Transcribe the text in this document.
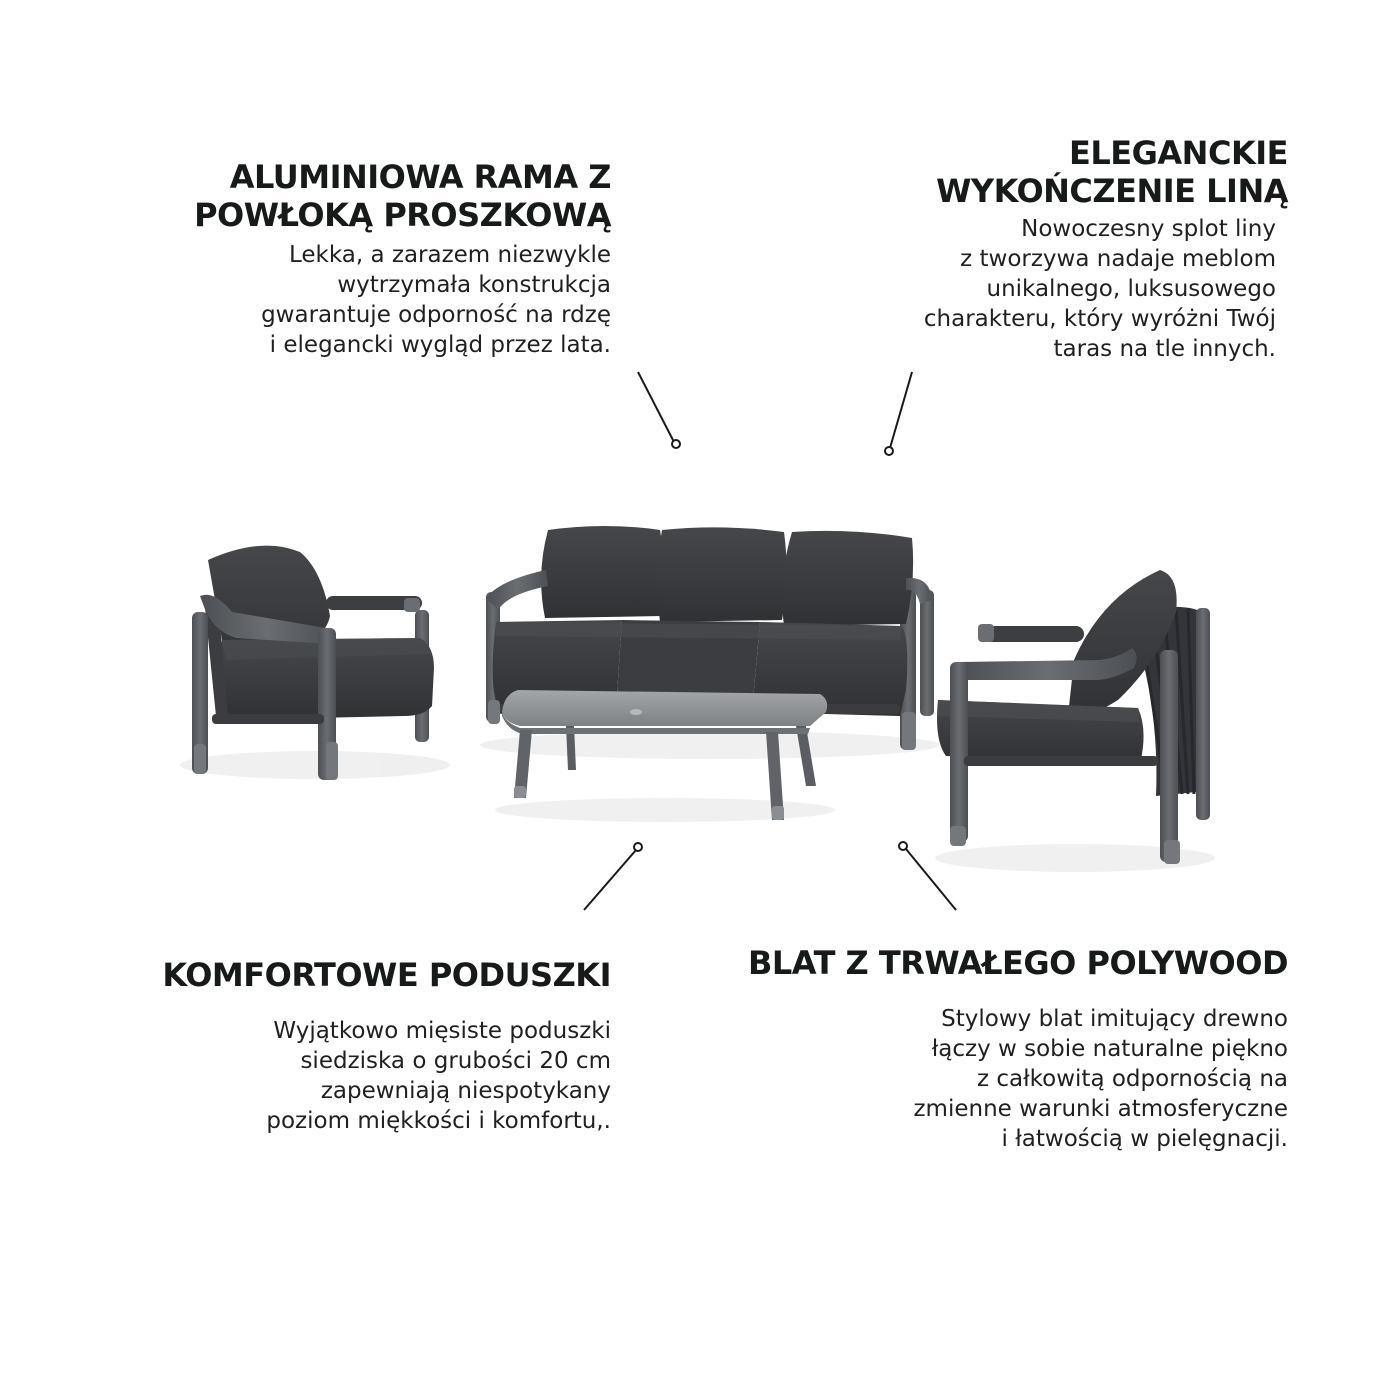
ALUMINIOWA RAMA Z
POWŁOKĄ PROSZKOWĄ

Lekka, a zarazem niezwykle
wytrzymała konstrukcja
gwarantuje odporność na rdzę
i elegancki wygląd przez lata.

ELEGANCKIE
WYKOŃCZENIE LINĄ

Nowoczesny splot liny
z tworzywa nadaje meblom
unikalnego, luksusowego
charakteru, który wyróżni Twój
taras na tle innych.

KOMFORTOWE PODUSZKI

Wyjątkowo mięsiste poduszki
siedziska o grubości 20 cm
zapewniają niespotykany
poziom miękkości i komfortu,.

BLAT Z TRWAŁEGO POLYWOOD

Stylowy blat imitujący drewno
łączy w sobie naturalne piękno
z całkowitą odpornością na
zmienne warunki atmosferyczne
i łatwością w pielęgnacji.
